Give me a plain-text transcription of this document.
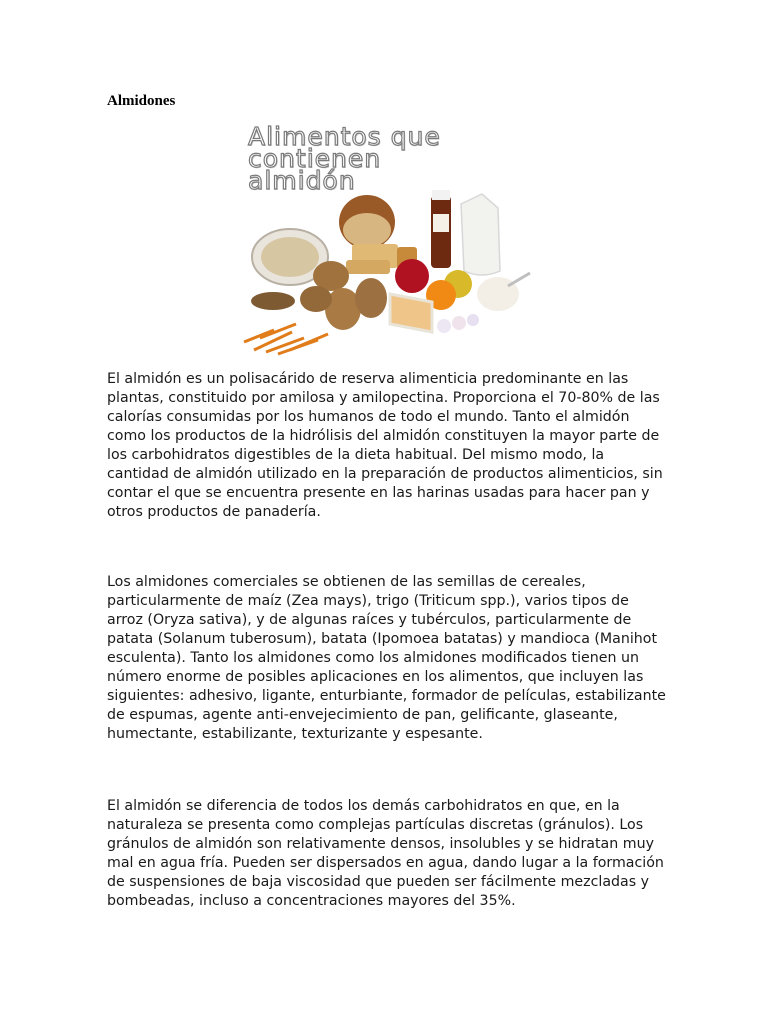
Almidones
Alimentos que
contienen
almidón

El almidón es un polisacárido de reserva alimenticia predominante en las plantas, constituido por amilosa y amilopectina. Proporciona el 70-80% de las calorías consumidas por los humanos de todo el mundo. Tanto el almidón como los productos de la hidrólisis del almidón constituyen la mayor parte de los carbohidratos digestibles de la dieta habitual. Del mismo modo, la cantidad de almidón utilizado en la preparación de productos alimenticios, sin contar el que se encuentra presente en las harinas usadas para hacer pan y otros productos de panadería.

Los almidones comerciales se obtienen de las semillas de cereales, particularmente de maíz (Zea mays), trigo (Triticum spp.), varios tipos de arroz (Oryza sativa), y de algunas raíces y tubérculos, particularmente de patata (Solanum tuberosum), batata (Ipomoea batatas) y mandioca (Manihot esculenta). Tanto los almidones como los almidones modificados tienen un número enorme de posibles aplicaciones en los alimentos, que incluyen las siguientes: adhesivo, ligante, enturbiante, formador de películas, estabilizante de espumas, agente anti-envejecimiento de pan, gelificante, glaseante, humectante, estabilizante, texturizante y espesante.

El almidón se diferencia de todos los demás carbohidratos en que, en la naturaleza se presenta como complejas partículas discretas (gránulos). Los gránulos de almidón son relativamente densos, insolubles y se hidratan muy mal en agua fría. Pueden ser dispersados en agua, dando lugar a la formación de suspensiones de baja viscosidad que pueden ser fácilmente mezcladas y bombeadas, incluso a concentraciones mayores del 35%.
